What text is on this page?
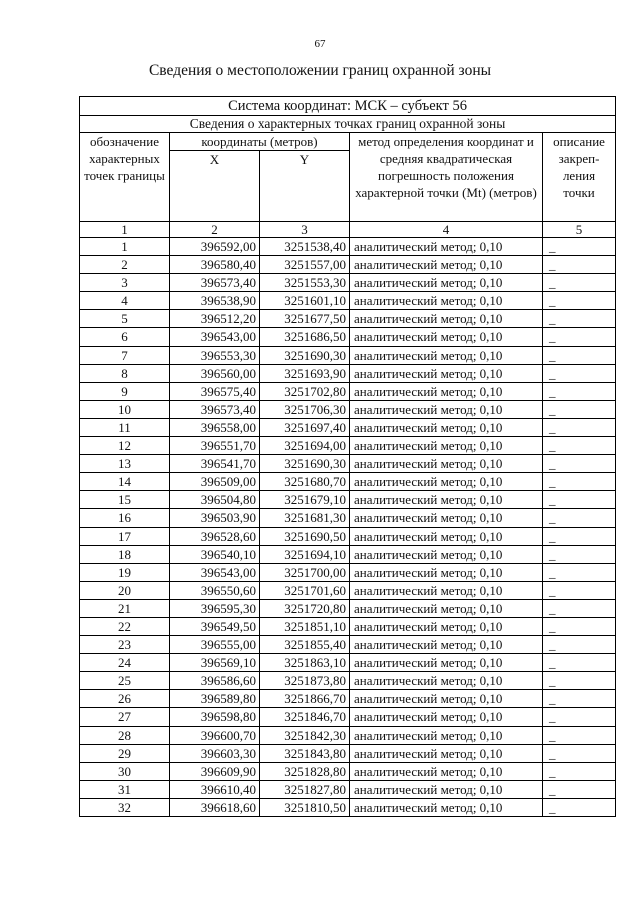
67
Сведения о местоположении границ охранной зоны
Система координат: МСК – субъект 56				
Сведения о характерных точках границ охранной зоны				
обозначение характерных точек границы	координаты (метров)		метод определения координат и средняя квадратическая погрешность положения характерной точки (Mt) (метров)	описание закреп-ления точки
	X	Y		
1	2	3	4	5
1	396592,00	3251538,40	аналитический метод; 0,10	_
2	396580,40	3251557,00	аналитический метод; 0,10	_
3	396573,40	3251553,30	аналитический метод; 0,10	_
4	396538,90	3251601,10	аналитический метод; 0,10	_
5	396512,20	3251677,50	аналитический метод; 0,10	_
6	396543,00	3251686,50	аналитический метод; 0,10	_
7	396553,30	3251690,30	аналитический метод; 0,10	_
8	396560,00	3251693,90	аналитический метод; 0,10	_
9	396575,40	3251702,80	аналитический метод; 0,10	_
10	396573,40	3251706,30	аналитический метод; 0,10	_
11	396558,00	3251697,40	аналитический метод; 0,10	_
12	396551,70	3251694,00	аналитический метод; 0,10	_
13	396541,70	3251690,30	аналитический метод; 0,10	_
14	396509,00	3251680,70	аналитический метод; 0,10	_
15	396504,80	3251679,10	аналитический метод; 0,10	_
16	396503,90	3251681,30	аналитический метод; 0,10	_
17	396528,60	3251690,50	аналитический метод; 0,10	_
18	396540,10	3251694,10	аналитический метод; 0,10	_
19	396543,00	3251700,00	аналитический метод; 0,10	_
20	396550,60	3251701,60	аналитический метод; 0,10	_
21	396595,30	3251720,80	аналитический метод; 0,10	_
22	396549,50	3251851,10	аналитический метод; 0,10	_
23	396555,00	3251855,40	аналитический метод; 0,10	_
24	396569,10	3251863,10	аналитический метод; 0,10	_
25	396586,60	3251873,80	аналитический метод; 0,10	_
26	396589,80	3251866,70	аналитический метод; 0,10	_
27	396598,80	3251846,70	аналитический метод; 0,10	_
28	396600,70	3251842,30	аналитический метод; 0,10	_
29	396603,30	3251843,80	аналитический метод; 0,10	_
30	396609,90	3251828,80	аналитический метод; 0,10	_
31	396610,40	3251827,80	аналитический метод; 0,10	_
32	396618,60	3251810,50	аналитический метод; 0,10	_
